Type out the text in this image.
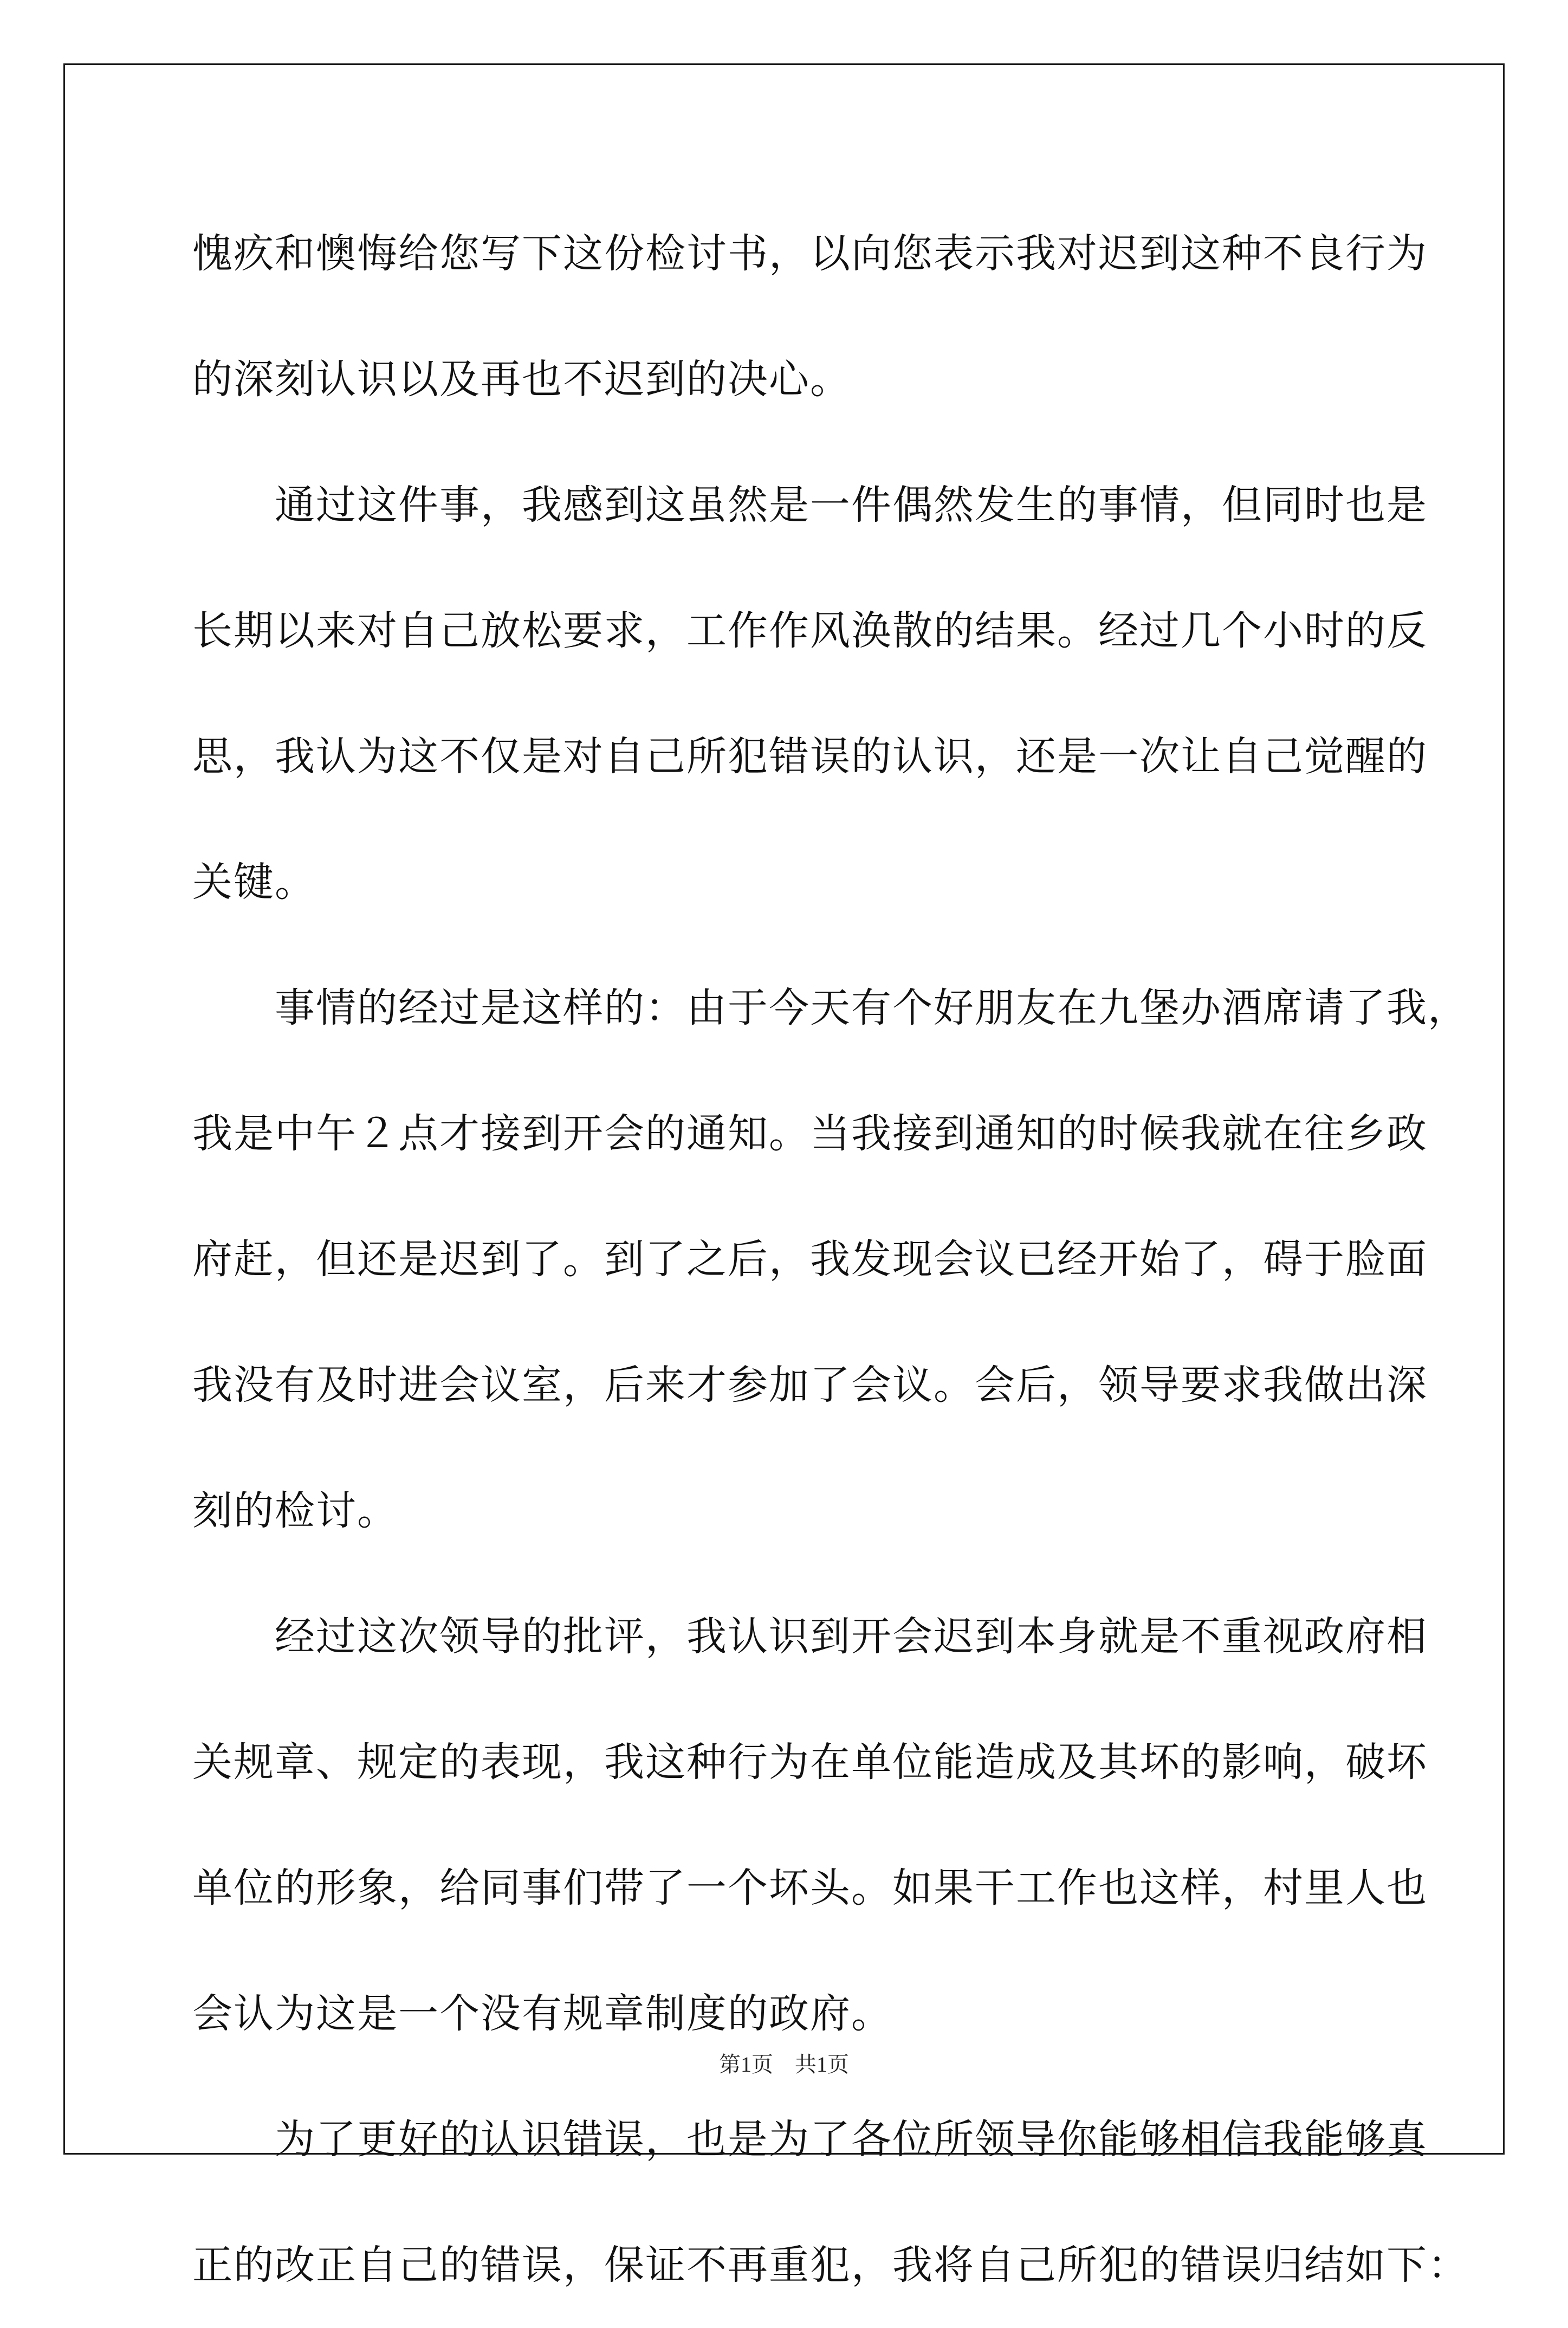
愧疚和懊悔给您写下这份检讨书，以向您表示我对迟到这种不良行为

的深刻认识以及再也不迟到的决心。

　　通过这件事，我感到这虽然是一件偶然发生的事情，但同时也是

长期以来对自己放松要求，工作作风涣散的结果。经过几个小时的反

思，我认为这不仅是对自己所犯错误的认识，还是一次让自己觉醒的

关键。

　　事情的经过是这样的：由于今天有个好朋友在九堡办酒席请了我，

我是中午２点才接到开会的通知。当我接到通知的时候我就在往乡政

府赶，但还是迟到了。到了之后，我发现会议已经开始了，碍于脸面

我没有及时进会议室，后来才参加了会议。会后，领导要求我做出深

刻的检讨。

　　经过这次领导的批评，我认识到开会迟到本身就是不重视政府相

关规章、规定的表现，我这种行为在单位能造成及其坏的影响，破坏

单位的形象，给同事们带了一个坏头。如果干工作也这样，村里人也

会认为这是一个没有规章制度的政府。

　　为了更好的认识错误，也是为了各位所领导你能够相信我能够真

正的改正自己的错误，保证不再重犯，我将自己所犯的错误归结如下：

第1页　共1页
